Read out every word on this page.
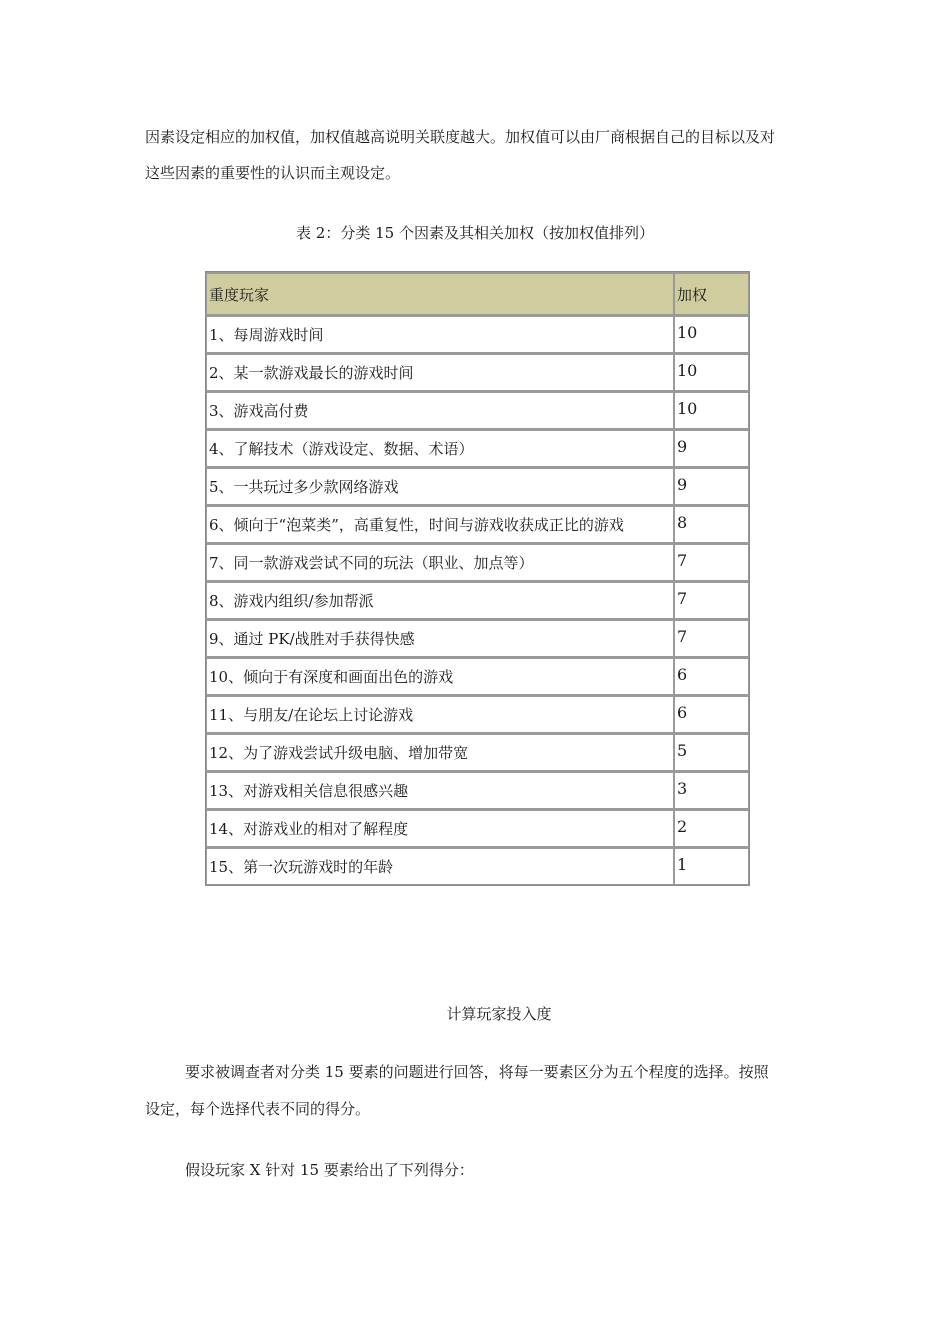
因素设定相应的加权值，加权值越高说明关联度越大。加权值可以由厂商根据自己的目标以及对
这些因素的重要性的认识而主观设定。
表 2：分类 15 个因素及其相关加权（按加权值排列）
重度玩家	加权
1、每周游戏时间	10
2、某一款游戏最长的游戏时间	10
3、游戏高付费	10
4、了解技术（游戏设定、数据、术语）	9
5、一共玩过多少款网络游戏	9
6、倾向于“泡菜类”，高重复性，时间与游戏收获成正比的游戏	8
7、同一款游戏尝试不同的玩法（职业、加点等）	7
8、游戏内组织/参加帮派	7
9、通过 PK/战胜对手获得快感	7
10、倾向于有深度和画面出色的游戏	6
11、与朋友/在论坛上讨论游戏	6
12、为了游戏尝试升级电脑、增加带宽	5
13、对游戏相关信息很感兴趣	3
14、对游戏业的相对了解程度	2
15、第一次玩游戏时的年龄	1
计算玩家投入度
要求被调查者对分类 15 要素的问题进行回答，将每一要素区分为五个程度的选择。按照
设定，每个选择代表不同的得分。
假设玩家 X 针对 15 要素给出了下列得分：
